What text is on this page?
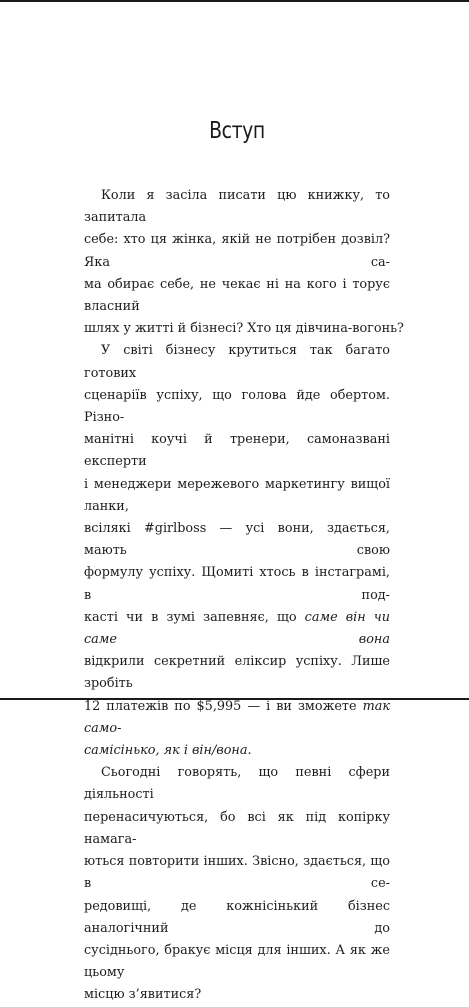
Вступ
Коли я засіла писати цю книжку, то запитала
себе: хто ця жінка, якій не потрібен дозвіл? Яка са-
ма обирає себе, не чекає ні на кого і торує власний
шлях у житті й бізнесі? Хто ця дівчина-вогонь?
У світі бізнесу крутиться так багато готових
сценаріїв успіху, що голова йде обертом. Різно-
манітні коучі й тренери, самоназвані експерти
і менеджери мережевого маркетингу вищої ланки,
всілякі #girlboss — усі вони, здається, мають свою
формулу успіху. Щомиті хтось в інстаграмі, в под-
касті чи в зумі запевняє, що саме він чи саме вона
відкрили секретний еліксир успіху. Лише зробіть
12 платежів по $5,995 — і ви зможете так само-
самісінько, як і він/вона.
Сьогодні говорять, що певні сфери діяльності
перенасичуються, бо всі як під копірку намага-
ються повторити інших. Звісно, здається, що в се-
редовищі, де кожнісінький бізнес аналогічний до
сусіднього, бракує місця для інших. А як же цьому
місцю з’явитися?
